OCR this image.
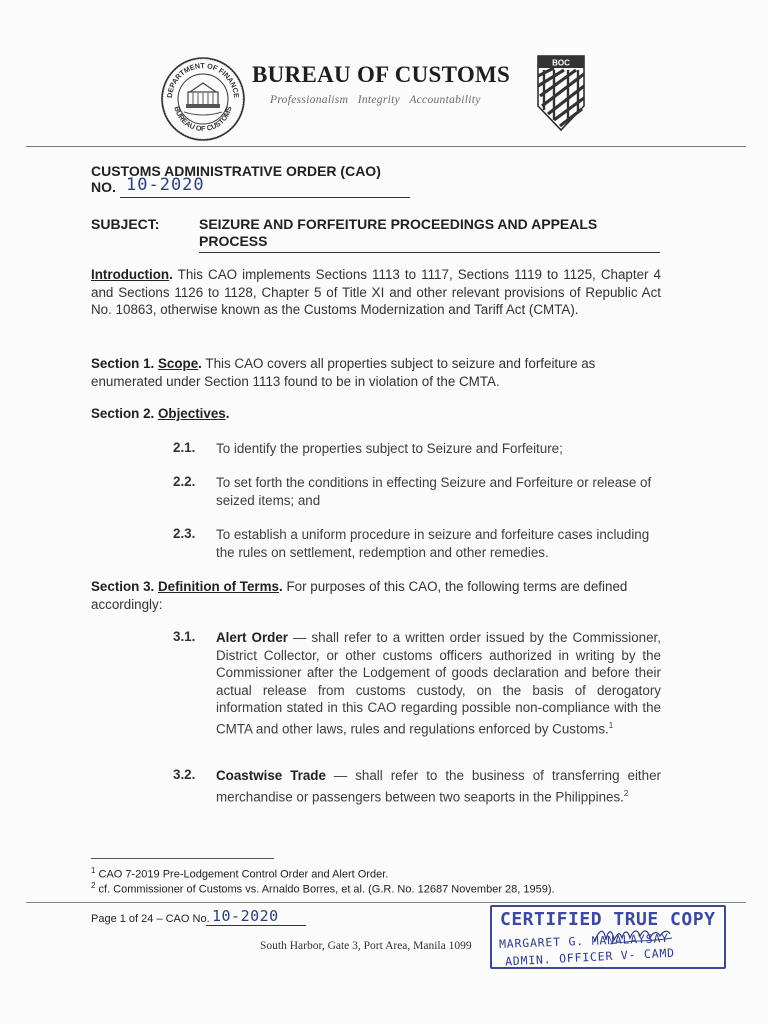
DEPARTMENT OF FINANCE
BUREAU OF CUSTOMS
BUREAU OF CUSTOMS
Professionalism   Integrity   Accountability
BOC
CUSTOMS ADMINISTRATIVE ORDER (CAO)
NO. 10-2020
SUBJECT:	SEIZURE AND FORFEITURE PROCEEDINGS AND APPEALS PROCESS
Introduction. This CAO implements Sections 1113 to 1117, Sections 1119 to 1125, Chapter 4 and Sections 1126 to 1128, Chapter 5 of Title XI and other relevant provisions of Republic Act No. 10863, otherwise known as the Customs Modernization and Tariff Act (CMTA).
Section 1. Scope. This CAO covers all properties subject to seizure and forfeiture as enumerated under Section 1113 found to be in violation of the CMTA.
Section 2. Objectives.
2.1. To identify the properties subject to Seizure and Forfeiture;
2.2. To set forth the conditions in effecting Seizure and Forfeiture or release of seized items; and
2.3. To establish a uniform procedure in seizure and forfeiture cases including the rules on settlement, redemption and other remedies.
Section 3. Definition of Terms. For purposes of this CAO, the following terms are defined accordingly:
3.1. Alert Order — shall refer to a written order issued by the Commissioner, District Collector, or other customs officers authorized in writing by the Commissioner after the Lodgement of goods declaration and before their actual release from customs custody, on the basis of derogatory information stated in this CAO regarding possible non-compliance with the CMTA and other laws, rules and regulations enforced by Customs.$^1$
3.2. Coastwise Trade — shall refer to the business of transferring either merchandise or passengers between two seaports in the Philippines.$^2$
$^1$ CAO 7-2019 Pre-Lodgement Control Order and Alert Order.
$^2$ cf. Commissioner of Customs vs. Arnaldo Borres, et al. (G.R. No. 12687 November 28, 1959).
Page 1 of 24 – CAO No. 10-2020
South Harbor, Gate 3, Port Area, Manila 1099
CERTIFIED TRUE COPY
MARGARET G. MANALAYSAY
ADMIN. OFFICER V- CAMD
